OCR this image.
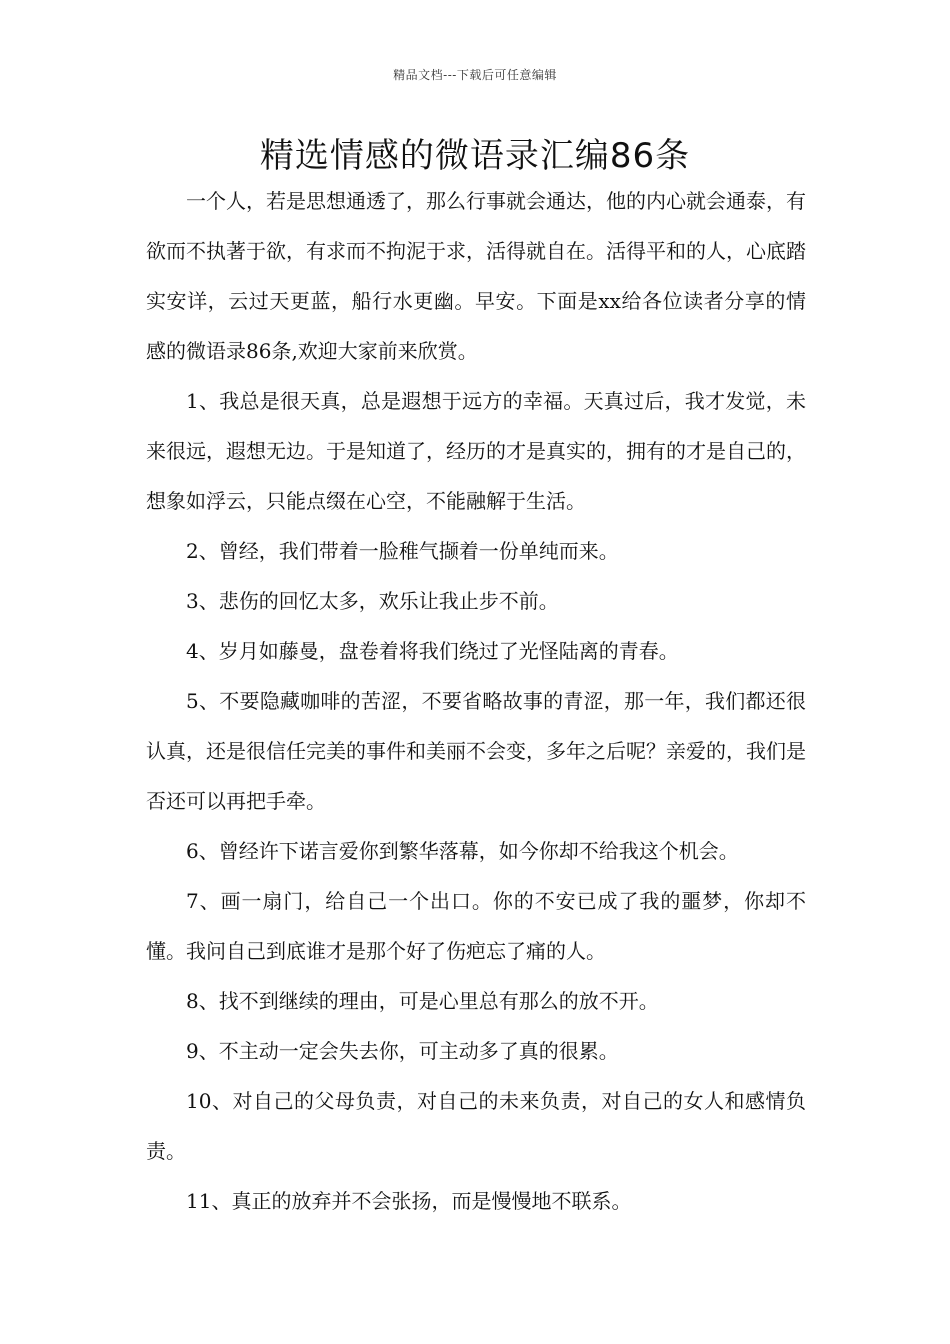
精品文档---下载后可任意编辑
精选情感的微语录汇编86条

一个人，若是思想通透了，那么行事就会通达，他的内心就会通泰，有欲而不执著于欲，有求而不拘泥于求，活得就自在。活得平和的人，心底踏实安详，云过天更蓝，船行水更幽。早安。下面是xx给各位读者分享的情感的微语录86条,欢迎大家前来欣赏。

1、我总是很天真，总是遐想于远方的幸福。天真过后，我才发觉，未来很远，遐想无边。于是知道了，经历的才是真实的，拥有的才是自己的，想象如浮云，只能点缀在心空，不能融解于生活。

2、曾经，我们带着一脸稚气撷着一份单纯而来。

3、悲伤的回忆太多，欢乐让我止步不前。

4、岁月如藤曼，盘卷着将我们绕过了光怪陆离的青春。

5、不要隐藏咖啡的苦涩，不要省略故事的青涩，那一年，我们都还很认真，还是很信任完美的事件和美丽不会变，多年之后呢？亲爱的，我们是否还可以再把手牵。

6、曾经许下诺言爱你到繁华落幕，如今你却不给我这个机会。

7、画一扇门，给自己一个出口。你的不安已成了我的噩梦，你却不懂。我问自己到底谁才是那个好了伤疤忘了痛的人。

8、找不到继续的理由，可是心里总有那么的放不开。

9、不主动一定会失去你，可主动多了真的很累。

10、对自己的父母负责，对自己的未来负责，对自己的女人和感情负责。

11、真正的放弃并不会张扬，而是慢慢地不联系。
